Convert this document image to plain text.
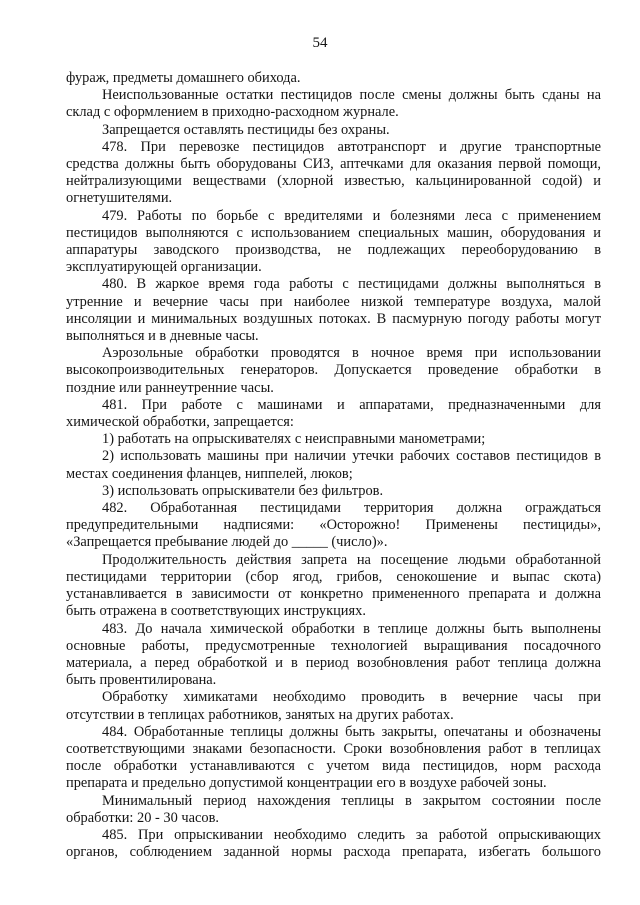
54
фураж, предметы домашнего обихода.
Неиспользованные остатки пестицидов после смены должны быть сданы на
склад с оформлением в приходно-расходном журнале.
Запрещается оставлять пестициды без охраны.
478. При перевозке пестицидов автотранспорт и другие транспортные
средства должны быть оборудованы СИЗ, аптечками для оказания первой помощи,
нейтрализующими веществами (хлорной известью, кальцинированной содой) и
огнетушителями.
479. Работы по борьбе с вредителями и болезнями леса с применением
пестицидов выполняются с использованием специальных машин, оборудования и
аппаратуры заводского производства, не подлежащих переоборудованию в
эксплуатирующей организации.
480. В жаркое время года работы с пестицидами должны выполняться в
утренние и вечерние часы при наиболее низкой температуре воздуха, малой
инсоляции и минимальных воздушных потоках. В пасмурную погоду работы могут
выполняться и в дневные часы.
Аэрозольные обработки проводятся в ночное время при использовании
высокопроизводительных генераторов. Допускается проведение обработки в
поздние или раннеутренние часы.
481. При работе с машинами и аппаратами, предназначенными для
химической обработки, запрещается:
1) работать на опрыскивателях с неисправными манометрами;
2) использовать машины при наличии утечки рабочих составов пестицидов в
местах соединения фланцев, ниппелей, люков;
3) использовать опрыскиватели без фильтров.
482. Обработанная пестицидами территория должна ограждаться
предупредительными надписями: «Осторожно! Применены пестициды»,
«Запрещается пребывание людей до _____ (число)».
Продолжительность действия запрета на посещение людьми обработанной
пестицидами территории (сбор ягод, грибов, сенокошение и выпас скота)
устанавливается в зависимости от конкретно примененного препарата и должна
быть отражена в соответствующих инструкциях.
483. До начала химической обработки в теплице должны быть выполнены
основные работы, предусмотренные технологией выращивания посадочного
материала, а перед обработкой и в период возобновления работ теплица должна
быть провентилирована.
Обработку химикатами необходимо проводить в вечерние часы при
отсутствии в теплицах работников, занятых на других работах.
484. Обработанные теплицы должны быть закрыты, опечатаны и обозначены
соответствующими знаками безопасности. Сроки возобновления работ в теплицах
после обработки устанавливаются с учетом вида пестицидов, норм расхода
препарата и предельно допустимой концентрации его в воздухе рабочей зоны.
Минимальный период нахождения теплицы в закрытом состоянии после
обработки: 20 - 30 часов.
485. При опрыскивании необходимо следить за работой опрыскивающих
органов, соблюдением заданной нормы расхода препарата, избегать большого
